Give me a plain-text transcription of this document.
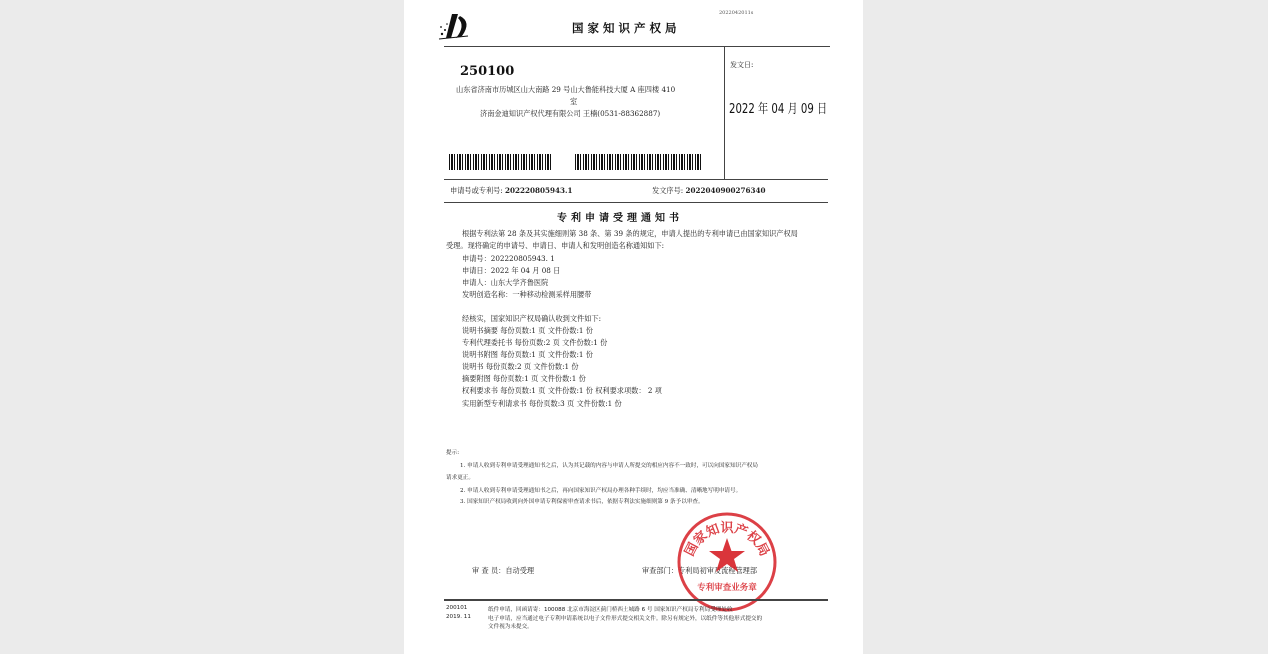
2022042011s
国家知识产权局
250100
山东省济南市历城区山大南路 29 号山大鲁能科技大厦 A 座四楼 410
室
济南金迪知识产权代理有限公司 王楠(0531-88362887)
发文日:
2022 年 04 月 09 日
申请号或专利号: 202220805943.1	发文序号: 2022040900276340
专利申请受理通知书
根据专利法第 28 条及其实施细则第 38 条、第 39 条的规定，申请人提出的专利申请已由国家知识产权局
受理。现将确定的申请号、申请日、申请人和发明创造名称通知如下:
申请号：202220805943. 1
申请日：2022 年 04 月 08 日
申请人：山东大学齐鲁医院
发明创造名称：一种移动检测采样用腰带
经核实，国家知识产权局确认收到文件如下:
说明书摘要 每份页数:1 页 文件份数:1 份
专利代理委托书 每份页数:2 页 文件份数:1 份
说明书附图 每份页数:1 页 文件份数:1 份
说明书 每份页数:2 页 文件份数:1 份
摘要附图 每份页数:1 页 文件份数:1 份
权利要求书 每份页数:1 页 文件份数:1 份 权利要求项数： 2 项
实用新型专利请求书 每份页数:3 页 文件份数:1 份
提示:
1. 申请人收到专利申请受理通知书之后，认为其记载的内容与申请人所提交的相应内容不一致时，可以向国家知识产权局
请求更正。
2. 申请人收到专利申请受理通知书之后，再向国家知识产权局办理各种手续时，均应当准确、清晰地写明申请号。
3. 国家知识产权局收到向外国申请专利保密审查请求书后，依据专利法实施细则第 9 条予以审查。
审 查 员：自动受理	审查部门：专利局初审及流程管理部
国家知识产权局
专利审查业务章
200101
2019. 11
纸件申请，回函请寄：100088 北京市海淀区蓟门桥西土城路 6 号 国家知识产权局专利局受理处收
电子申请，应当通过电子专利申请系统以电子文件形式提交相关文件。除另有规定外，以纸件等其他形式提交的
文件视为未提交。
